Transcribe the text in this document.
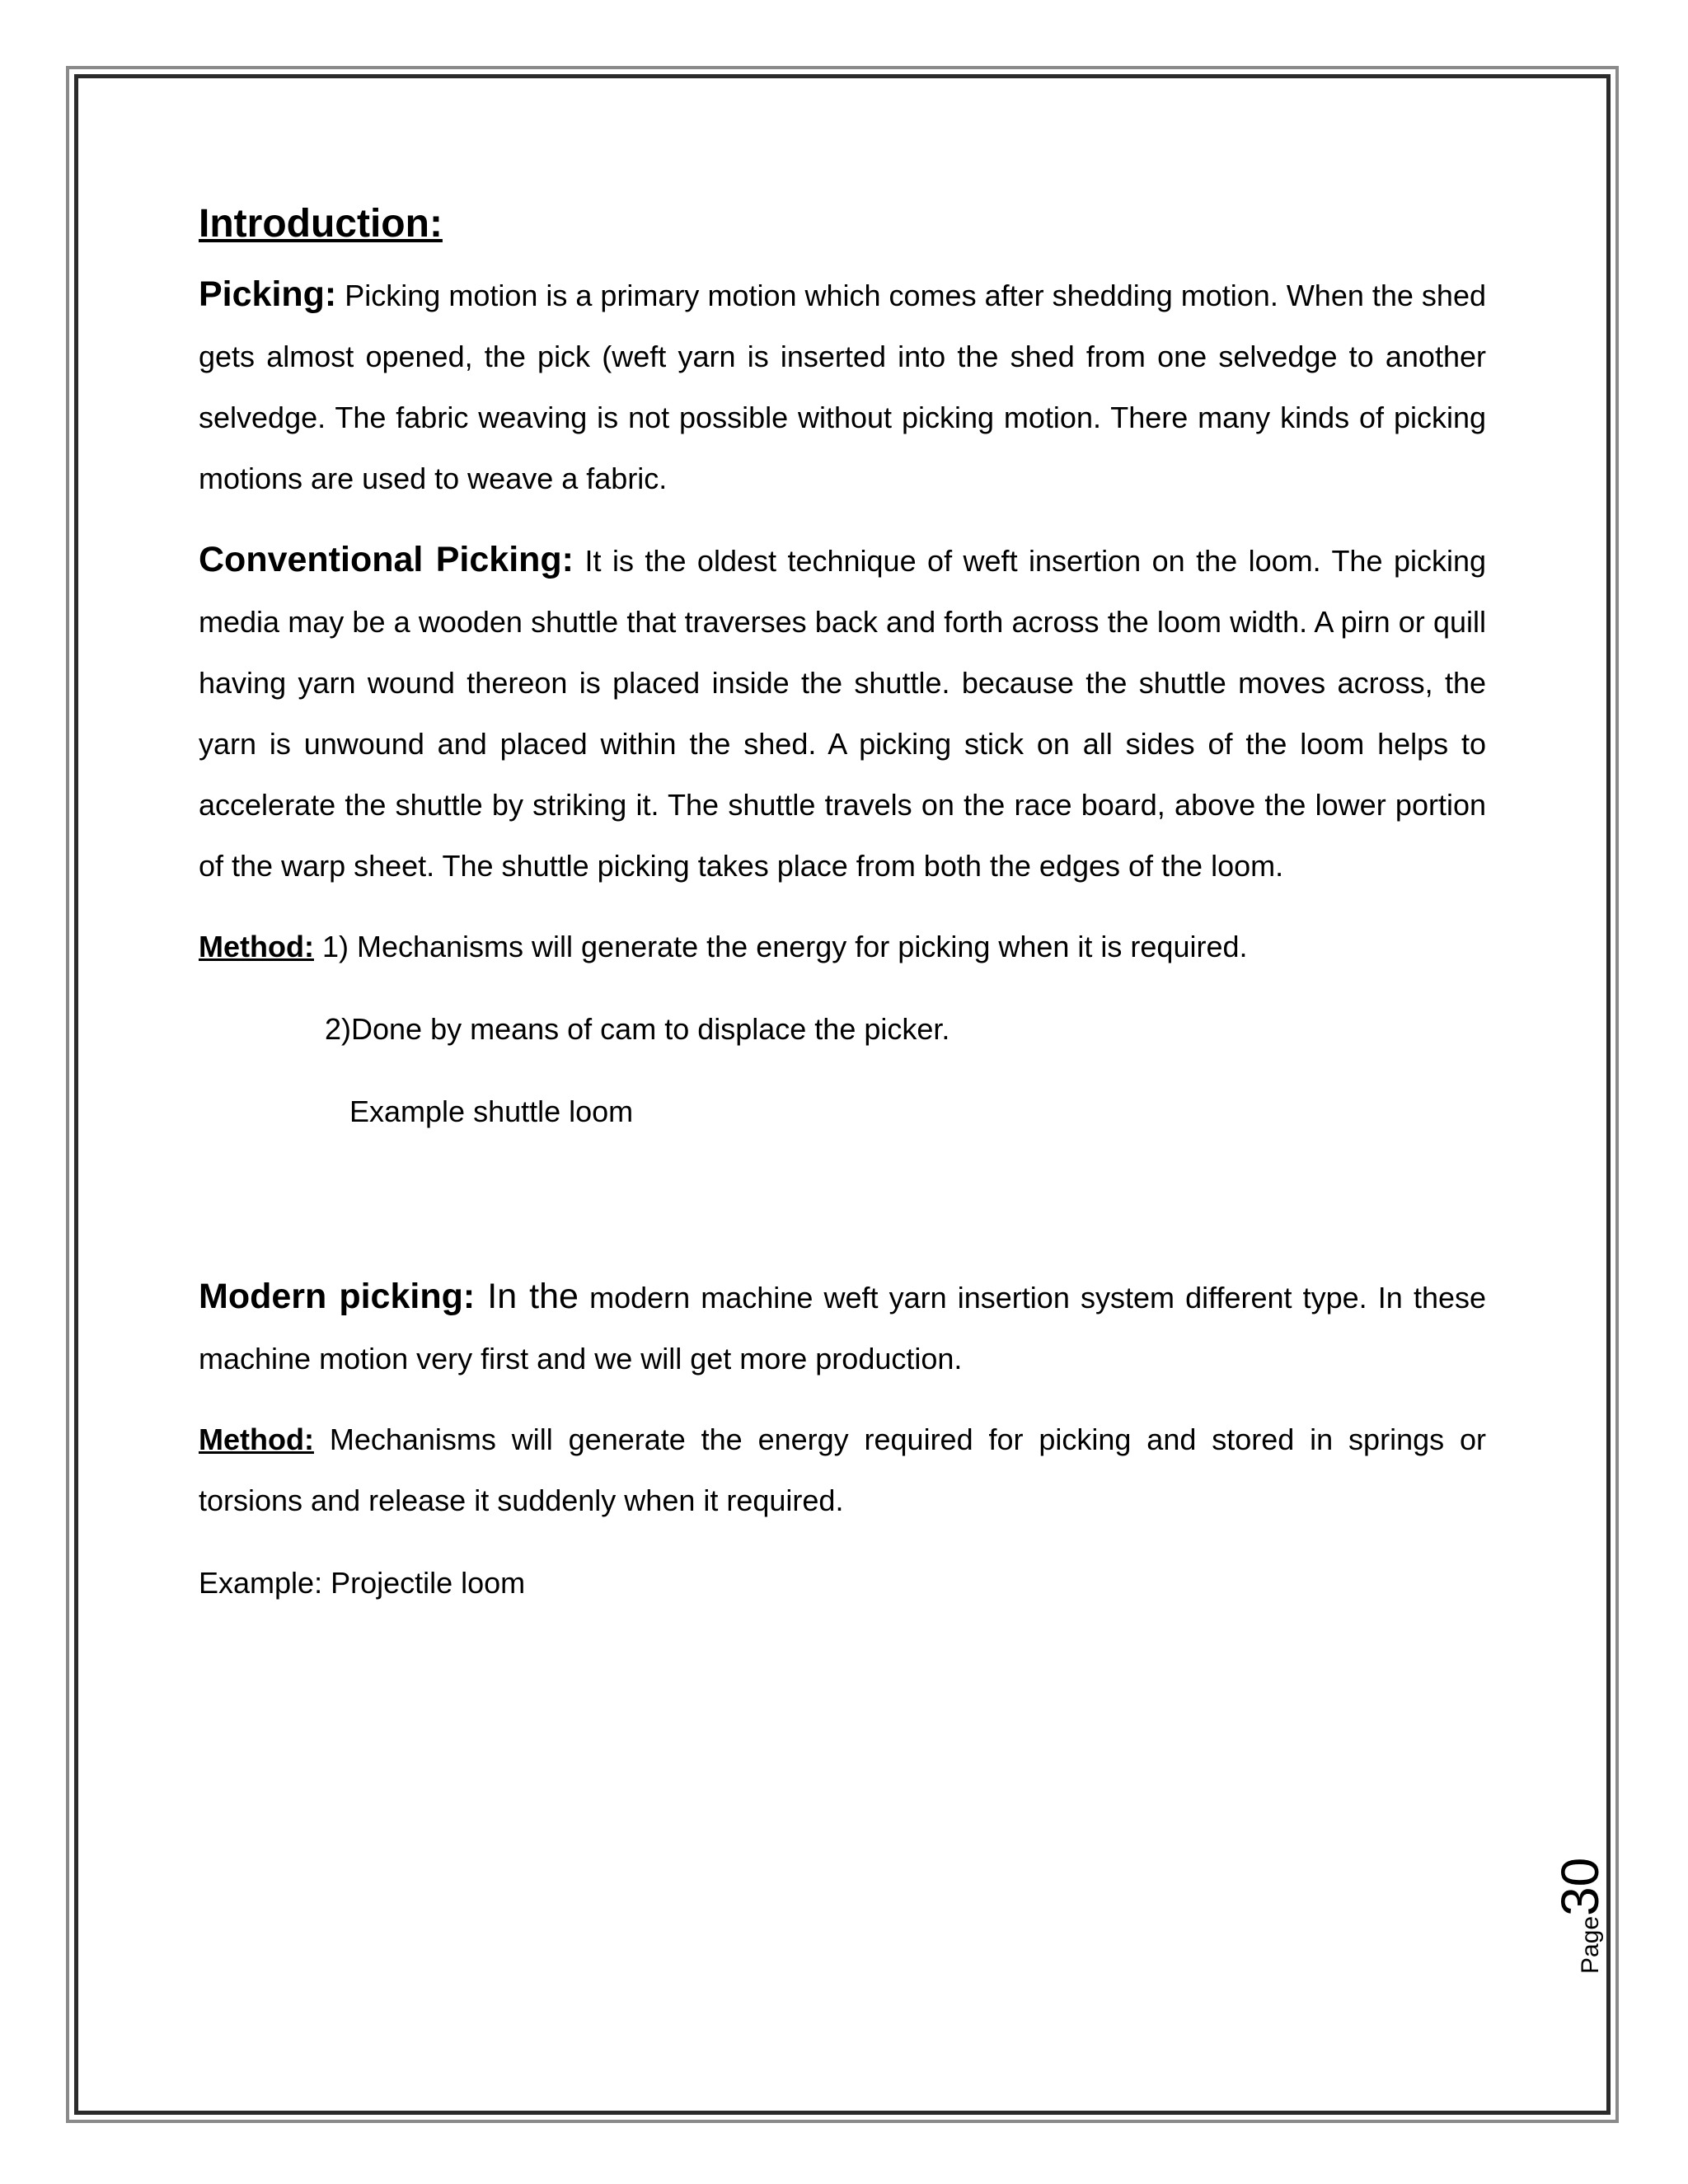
Introduction:

Picking: Picking motion is a primary motion which comes after shedding motion. When the shed gets almost opened, the pick (weft yarn is inserted into the shed from one selvedge to another selvedge. The fabric weaving is not possible without picking motion. There many kinds of picking motions are used to weave a fabric.

Conventional Picking: It is the oldest technique of weft insertion on the loom. The picking media may be a wooden shuttle that traverses back and forth across the loom width. A pirn or quill having yarn wound thereon is placed inside the shuttle. because the shuttle moves across, the yarn is unwound and placed within the shed. A picking stick on all sides of the loom helps to accelerate the shuttle by striking it. The shuttle travels on the race board, above the lower portion of the warp sheet. The shuttle picking takes place from both the edges of the loom.

Method: 1) Mechanisms will generate the energy for picking when it is required.

2)Done by means of cam to displace the picker.

Example shuttle loom

Modern picking: In the modern machine weft yarn insertion system different type. In these machine motion very first and we will get more production.

Method: Mechanisms will generate the energy required for picking and stored in springs or torsions and release it suddenly when it required.

Example: Projectile loom

Page30
